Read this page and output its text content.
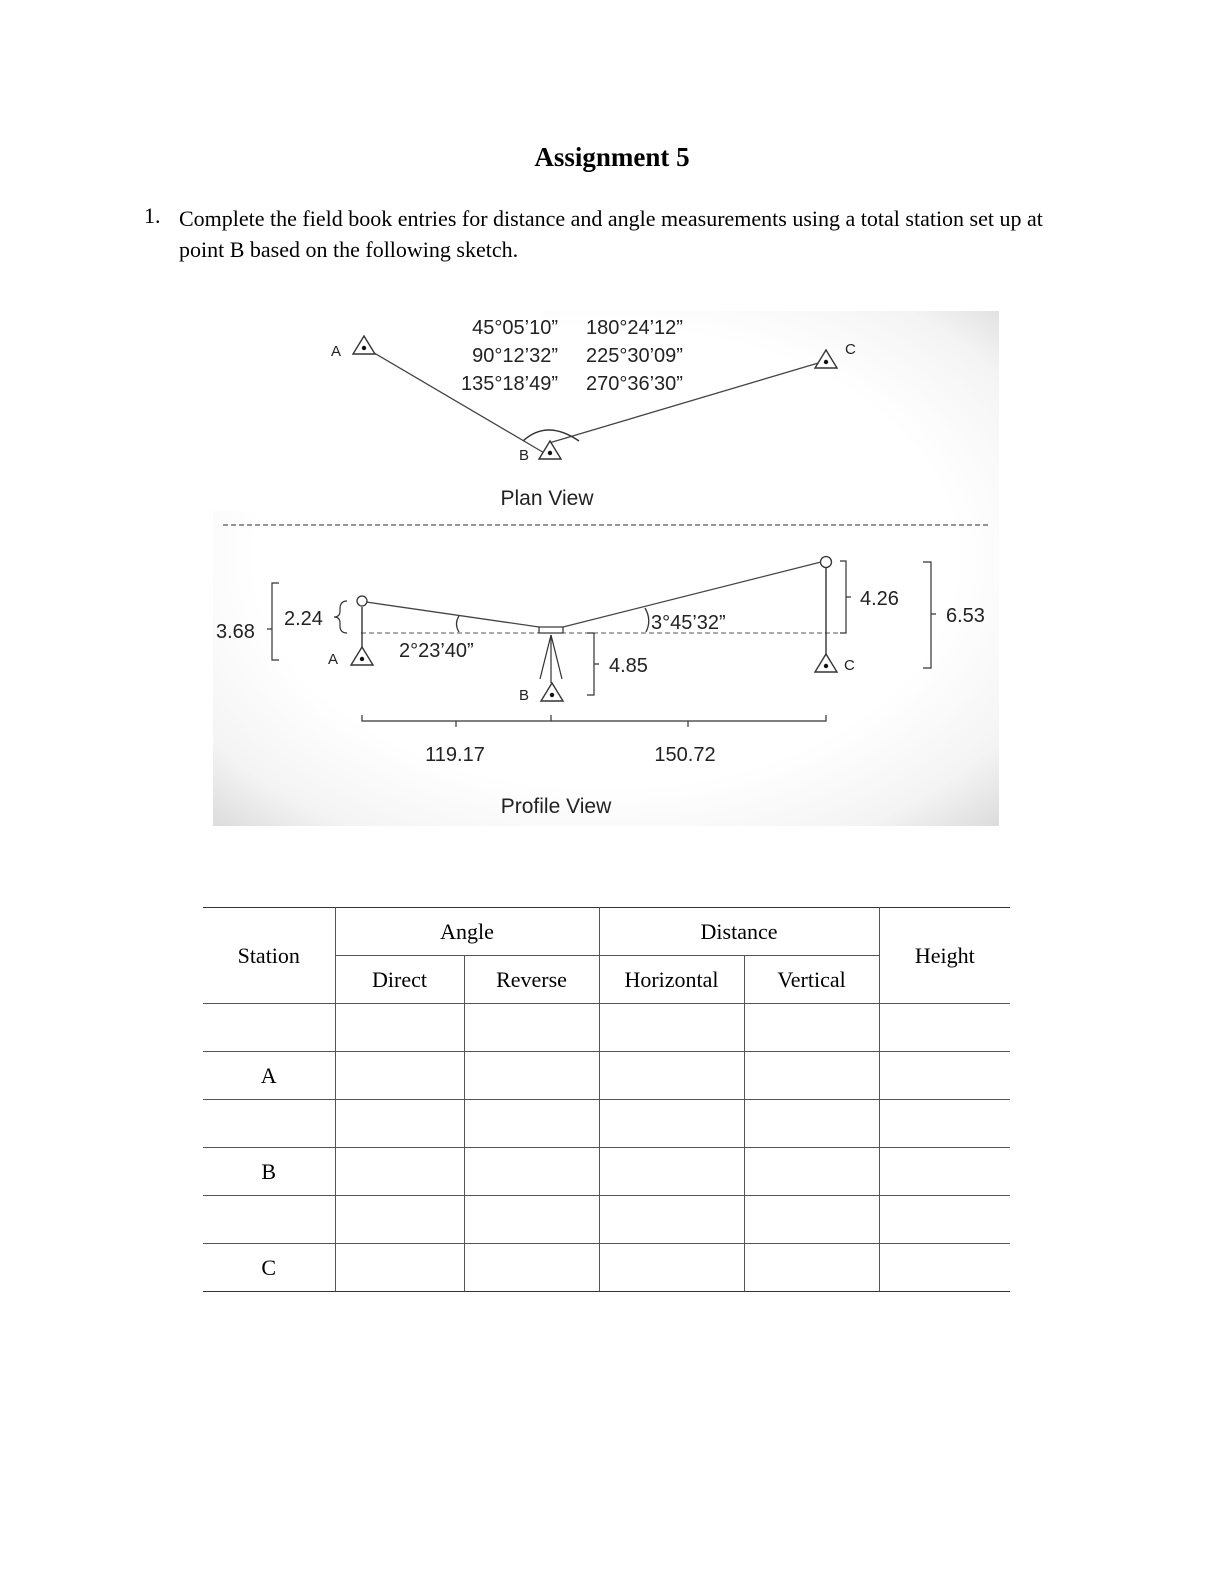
Assignment 5
1. Complete the field book entries for distance and angle measurements using a total station set up at point B based on the following sketch.
A
B
C
45°05’10”
90°12’32”
135°18’49”
180°24’12”
225°30’09”
270°36’30”
Plan View
A
B
C
3.68
2.24
4.85
4.26
6.53
2°23’40”
3°45’32”
119.17	150.72
Profile View
Station	Angle		Distance		Height
	Direct	Reverse	Horizontal	Vertical	

A					

B					

C					
